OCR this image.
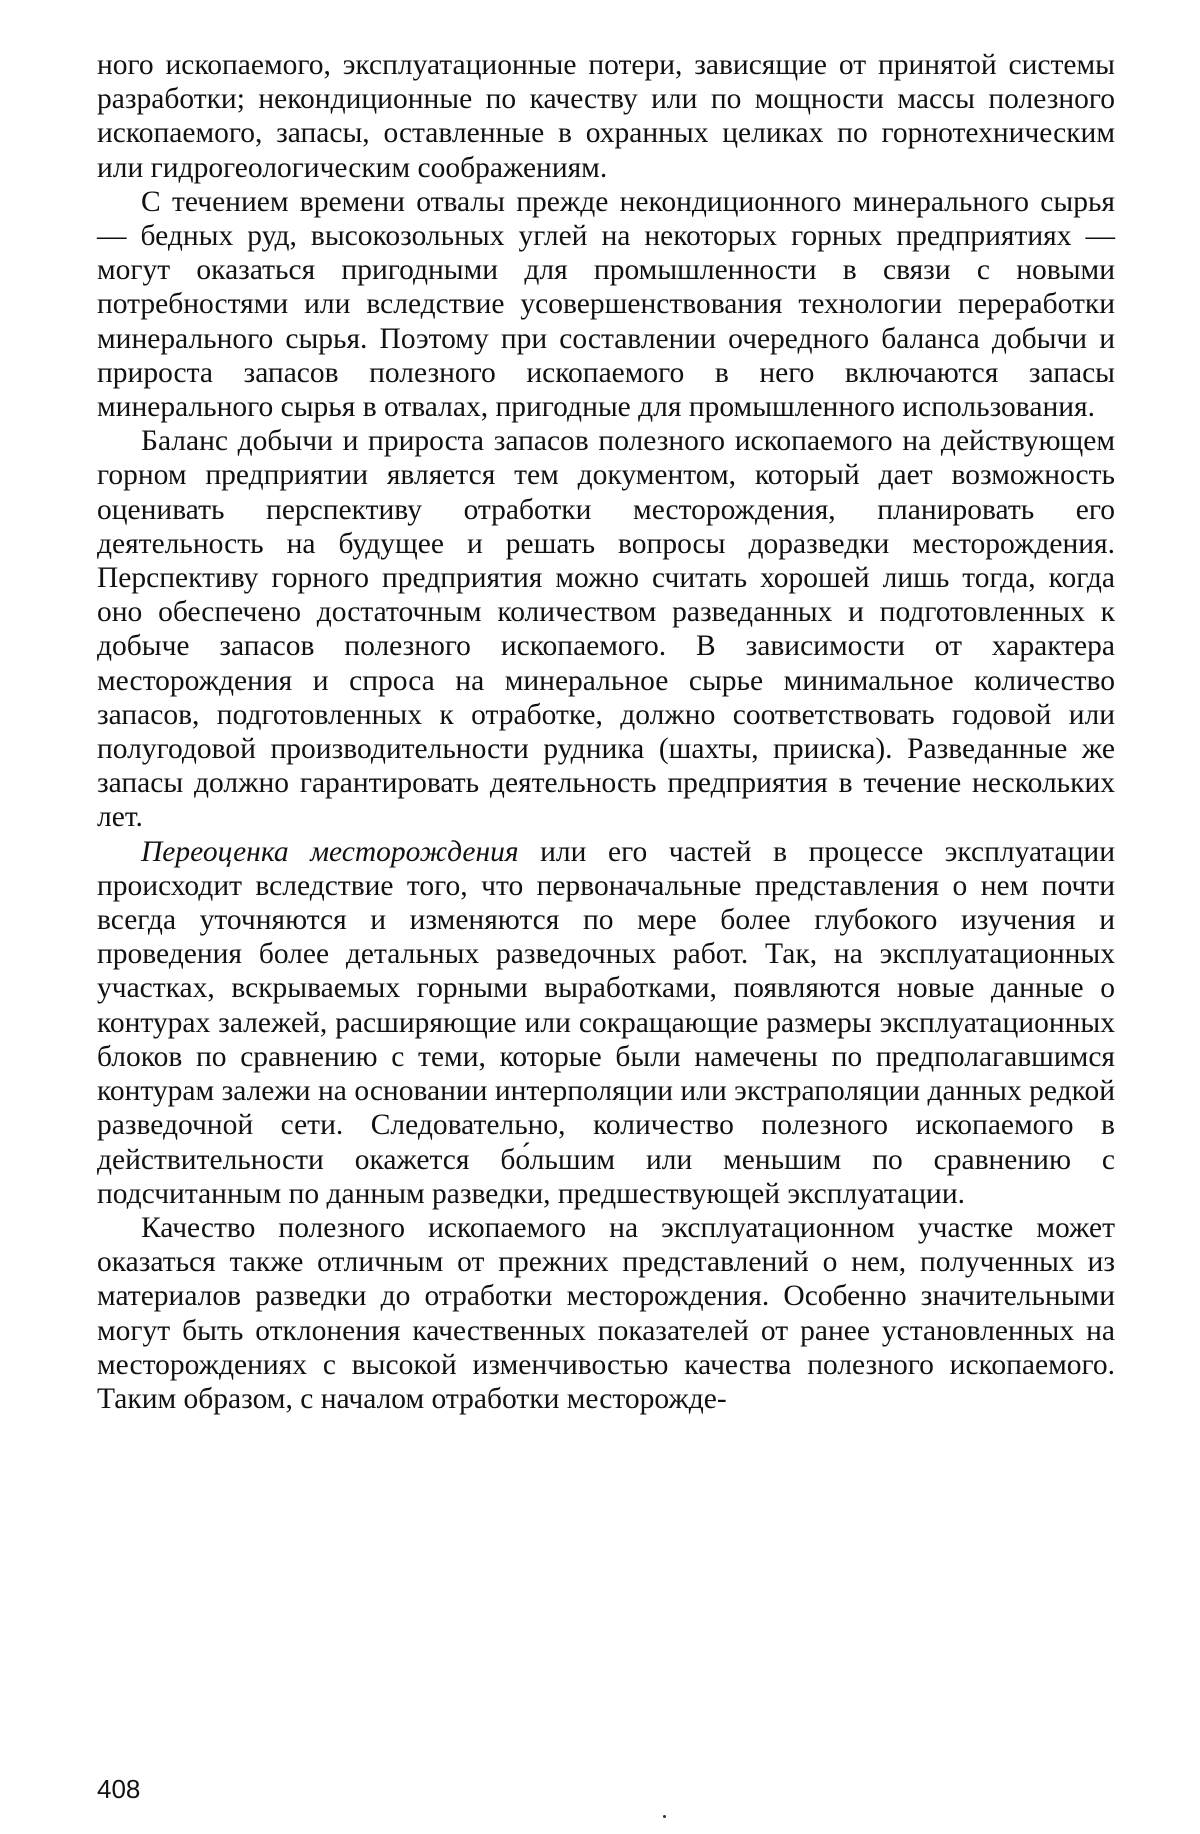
ного ископаемого, эксплуатационные потери, зависящие от принятой системы разработки; некондиционные по качеству или по мощности массы полезного ископаемого, запасы, оставленные в охранных целиках по горнотехническим или гидрогеологическим соображениям.

С течением времени отвалы прежде некондиционного минерального сырья — бедных руд, высокозольных углей на некоторых горных предприятиях — могут оказаться пригодными для промышленности в связи с новыми потребностями или вследствие усовершенствования технологии переработки минерального сырья. Поэтому при составлении очередного баланса добычи и прироста запасов полезного ископаемого в него включаются запасы минерального сырья в отвалах, пригодные для промышленного использования.

Баланс добычи и прироста запасов полезного ископаемого на действующем горном предприятии является тем документом, который дает возможность оценивать перспективу отработки месторождения, планировать его деятельность на будущее и решать вопросы доразведки месторождения. Перспективу горного предприятия можно считать хорошей лишь тогда, когда оно обеспечено достаточным количеством разведанных и подготовленных к добыче запасов полезного ископаемого. В зависимости от характера месторождения и спроса на минеральное сырье минимальное количество запасов, подготовленных к отработке, должно соответствовать годовой или полугодовой производительности рудника (шахты, прииска). Разведанные же запасы должно гарантировать деятельность предприятия в течение нескольких лет.

Переоценка месторождения или его частей в процессе эксплуатации происходит вследствие того, что первоначальные представления о нем почти всегда уточняются и изменяются по мере более глубокого изучения и проведения более детальных разведочных работ. Так, на эксплуатационных участках, вскрываемых горными выработками, появляются новые данные о контурах залежей, расширяющие или сокращающие размеры эксплуатационных блоков по сравнению с теми, которые были намечены по предполагавшимся контурам залежи на основании интерполяции или экстраполяции данных редкой разведочной сети. Следовательно, количество полезного ископаемого в действительности окажется бо́льшим или меньшим по сравнению с подсчитанным по данным разведки, предшествующей эксплуатации.

Качество полезного ископаемого на эксплуатационном участке может оказаться также отличным от прежних представлений о нем, полученных из материалов разведки до отработки месторождения. Особенно значительными могут быть отклонения качественных показателей от ранее установленных на месторождениях с высокой изменчивостью качества полезного ископаемого. Таким образом, с началом отработки месторожде-

408
